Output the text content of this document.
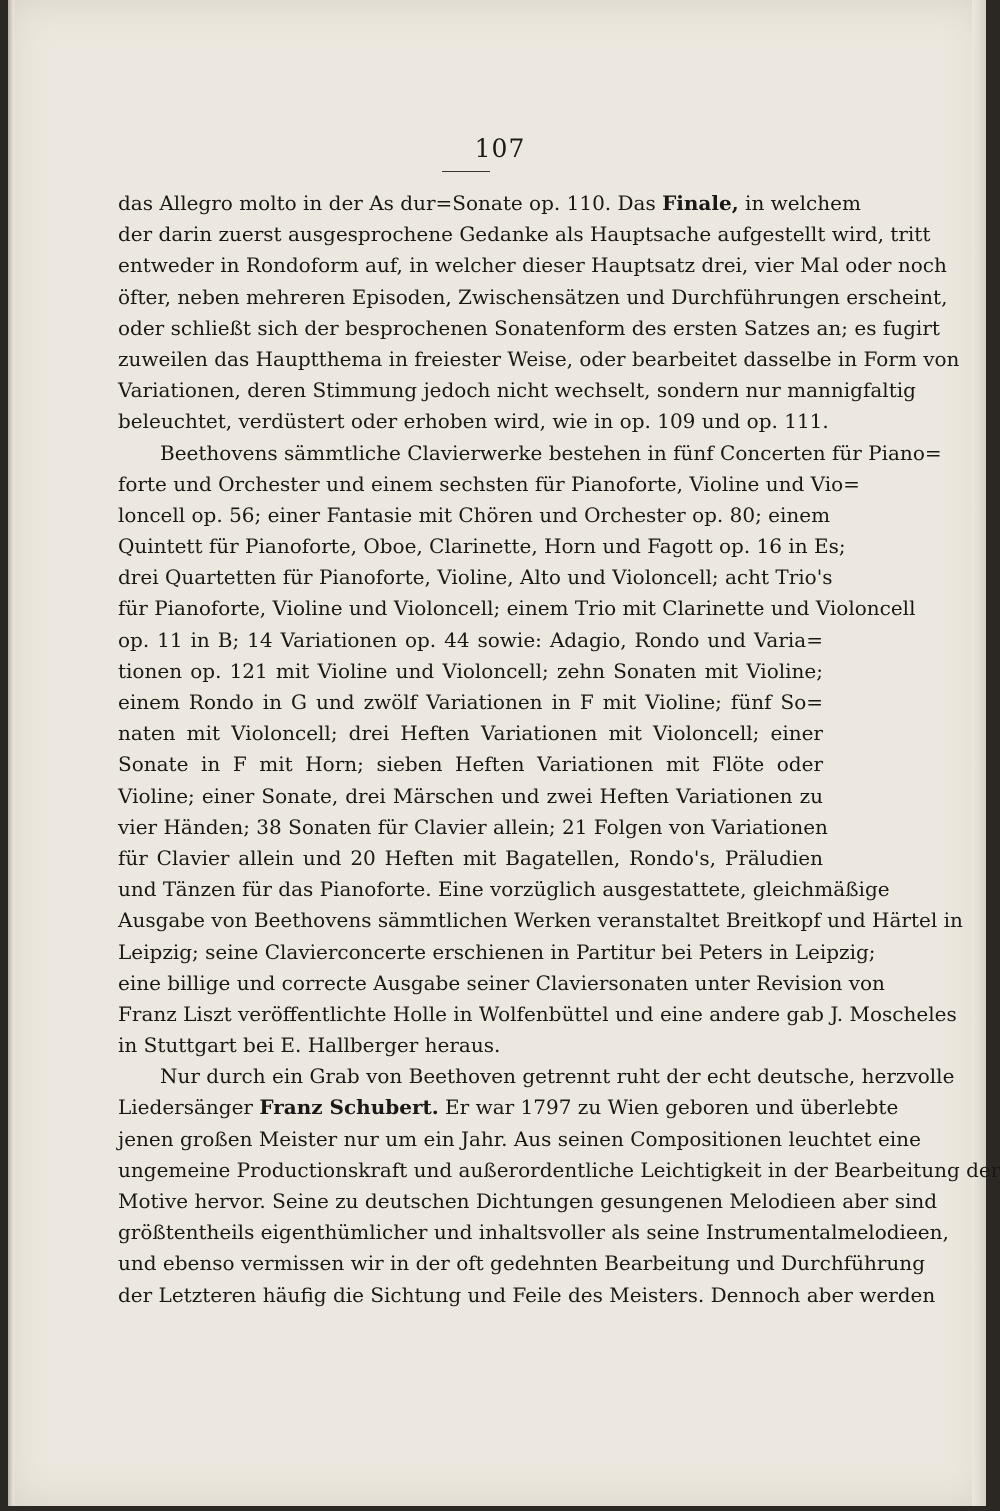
107
das Allegro molto in der As dur=Sonate op. 110. Das Finale, in welchem
der darin zuerst ausgesprochene Gedanke als Hauptsache aufgestellt wird, tritt
entweder in Rondoform auf, in welcher dieser Hauptsatz drei, vier Mal oder noch
öfter, neben mehreren Episoden, Zwischensätzen und Durchführungen erscheint,
oder schließt sich der besprochenen Sonatenform des ersten Satzes an; es fugirt
zuweilen das Hauptthema in freiester Weise, oder bearbeitet dasselbe in Form von
Variationen, deren Stimmung jedoch nicht wechselt, sondern nur mannigfaltig
beleuchtet, verdüstert oder erhoben wird, wie in op. 109 und op. 111.
Beethovens sämmtliche Clavierwerke bestehen in fünf Concerten für Piano=
forte und Orchester und einem sechsten für Pianoforte, Violine und Vio=
loncell op. 56; einer Fantasie mit Chören und Orchester op. 80; einem
Quintett für Pianoforte, Oboe, Clarinette, Horn und Fagott op. 16 in Es;
drei Quartetten für Pianoforte, Violine, Alto und Violoncell; acht Trio's
für Pianoforte, Violine und Violoncell; einem Trio mit Clarinette und Violoncell
op. 11 in B; 14 Variationen op. 44 sowie: Adagio, Rondo und Varia=
tionen op. 121 mit Violine und Violoncell; zehn Sonaten mit Violine;
einem Rondo in G und zwölf Variationen in F mit Violine; fünf So=
naten mit Violoncell; drei Heften Variationen mit Violoncell; einer
Sonate in F mit Horn; sieben Heften Variationen mit Flöte oder
Violine; einer Sonate, drei Märschen und zwei Heften Variationen zu
vier Händen; 38 Sonaten für Clavier allein; 21 Folgen von Variationen
für Clavier allein und 20 Heften mit Bagatellen, Rondo's, Präludien
und Tänzen für das Pianoforte. Eine vorzüglich ausgestattete, gleichmäßige
Ausgabe von Beethovens sämmtlichen Werken veranstaltet Breitkopf und Härtel in
Leipzig; seine Clavierconcerte erschienen in Partitur bei Peters in Leipzig;
eine billige und correcte Ausgabe seiner Claviersonaten unter Revision von
Franz Liszt veröffentlichte Holle in Wolfenbüttel und eine andere gab J. Moscheles
in Stuttgart bei E. Hallberger heraus.
Nur durch ein Grab von Beethoven getrennt ruht der echt deutsche, herzvolle
Liedersänger Franz Schubert. Er war 1797 zu Wien geboren und überlebte
jenen großen Meister nur um ein Jahr. Aus seinen Compositionen leuchtet eine
ungemeine Productionskraft und außerordentliche Leichtigkeit in der Bearbeitung der
Motive hervor. Seine zu deutschen Dichtungen gesungenen Melodieen aber sind
größtentheils eigenthümlicher und inhaltsvoller als seine Instrumentalmelodieen,
und ebenso vermissen wir in der oft gedehnten Bearbeitung und Durchführung
der Letzteren häufig die Sichtung und Feile des Meisters. Dennoch aber werden
